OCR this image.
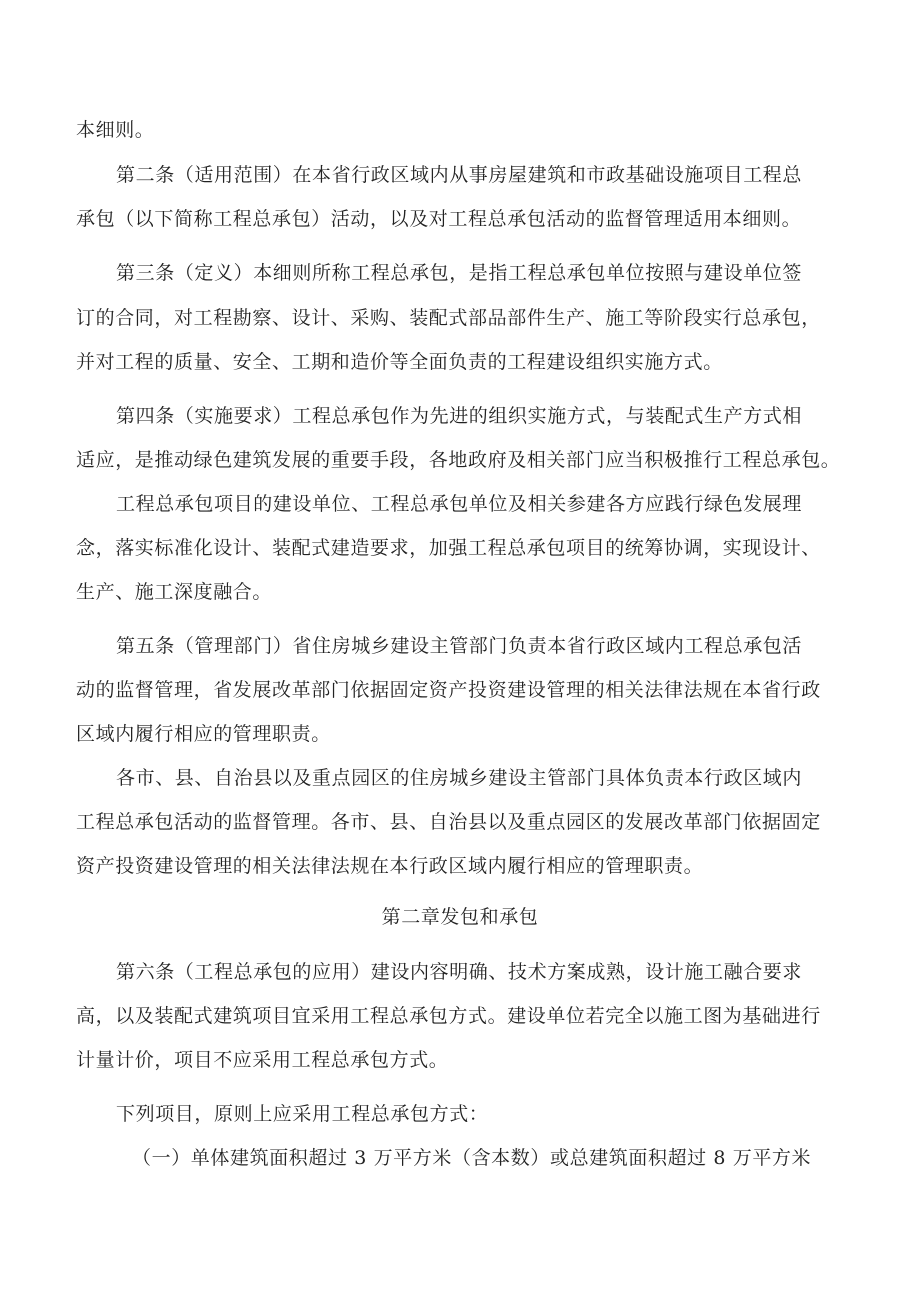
本细则。
第二条（适用范围）在本省行政区域内从事房屋建筑和市政基础设施项目工程总
承包（以下简称工程总承包）活动，以及对工程总承包活动的监督管理适用本细则。
第三条（定义）本细则所称工程总承包，是指工程总承包单位按照与建设单位签
订的合同，对工程勘察、设计、采购、装配式部品部件生产、施工等阶段实行总承包，
并对工程的质量、安全、工期和造价等全面负责的工程建设组织实施方式。
第四条（实施要求）工程总承包作为先进的组织实施方式，与装配式生产方式相
适应，是推动绿色建筑发展的重要手段，各地政府及相关部门应当积极推行工程总承包。
工程总承包项目的建设单位、工程总承包单位及相关参建各方应践行绿色发展理
念，落实标准化设计、装配式建造要求，加强工程总承包项目的统筹协调，实现设计、
生产、施工深度融合。
第五条（管理部门）省住房城乡建设主管部门负责本省行政区域内工程总承包活
动的监督管理，省发展改革部门依据固定资产投资建设管理的相关法律法规在本省行政
区域内履行相应的管理职责。
各市、县、自治县以及重点园区的住房城乡建设主管部门具体负责本行政区域内
工程总承包活动的监督管理。各市、县、自治县以及重点园区的发展改革部门依据固定
资产投资建设管理的相关法律法规在本行政区域内履行相应的管理职责。
第二章发包和承包
第六条（工程总承包的应用）建设内容明确、技术方案成熟，设计施工融合要求
高，以及装配式建筑项目宜采用工程总承包方式。建设单位若完全以施工图为基础进行
计量计价，项目不应采用工程总承包方式。
下列项目，原则上应采用工程总承包方式：
（一）单体建筑面积超过 3 万平方米（含本数）或总建筑面积超过 8 万平方米
